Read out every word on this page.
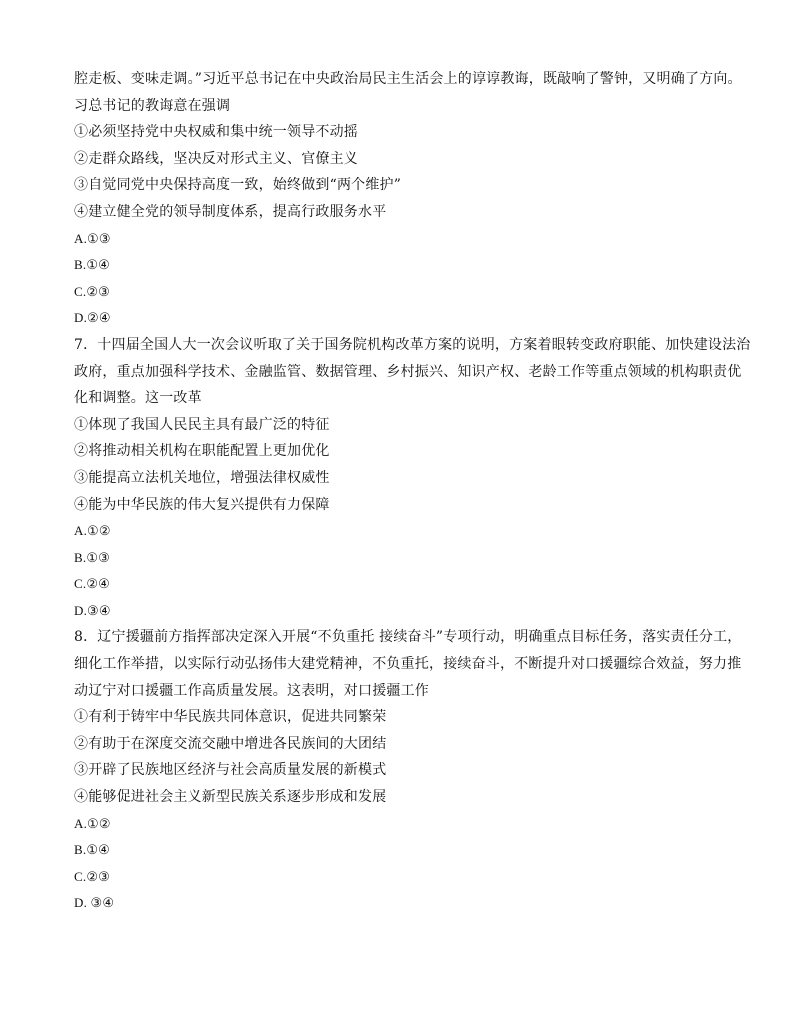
腔走板、变味走调。”习近平总书记在中央政治局民主生活会上的谆谆教诲，既敲响了警钟，又明确了方向。
习总书记的教诲意在强调
①必须坚持党中央权威和集中统一领导不动摇
②走群众路线，坚决反对形式主义、官僚主义
③自觉同党中央保持高度一致，始终做到“两个维护”
④建立健全党的领导制度体系，提高行政服务水平
A.①③
B.①④
C.②③
D.②④
7．十四届全国人大一次会议听取了关于国务院机构改革方案的说明，方案着眼转变政府职能、加快建设法治
政府，重点加强科学技术、金融监管、数据管理、乡村振兴、知识产权、老龄工作等重点领域的机构职责优
化和调整。这一改革
①体现了我国人民民主具有最广泛的特征
②将推动相关机构在职能配置上更加优化
③能提高立法机关地位，增强法律权威性
④能为中华民族的伟大复兴提供有力保障
A.①②
B.①③
C.②④
D.③④
8．辽宁援疆前方指挥部决定深入开展“不负重托 接续奋斗”专项行动，明确重点目标任务，落实责任分工，
细化工作举措，以实际行动弘扬伟大建党精神，不负重托，接续奋斗，不断提升对口援疆综合效益，努力推
动辽宁对口援疆工作高质量发展。这表明，对口援疆工作
①有利于铸牢中华民族共同体意识，促进共同繁荣
②有助于在深度交流交融中增进各民族间的大团结
③开辟了民族地区经济与社会高质量发展的新模式
④能够促进社会主义新型民族关系逐步形成和发展
A.①②
B.①④
C.②③
D. ③④
